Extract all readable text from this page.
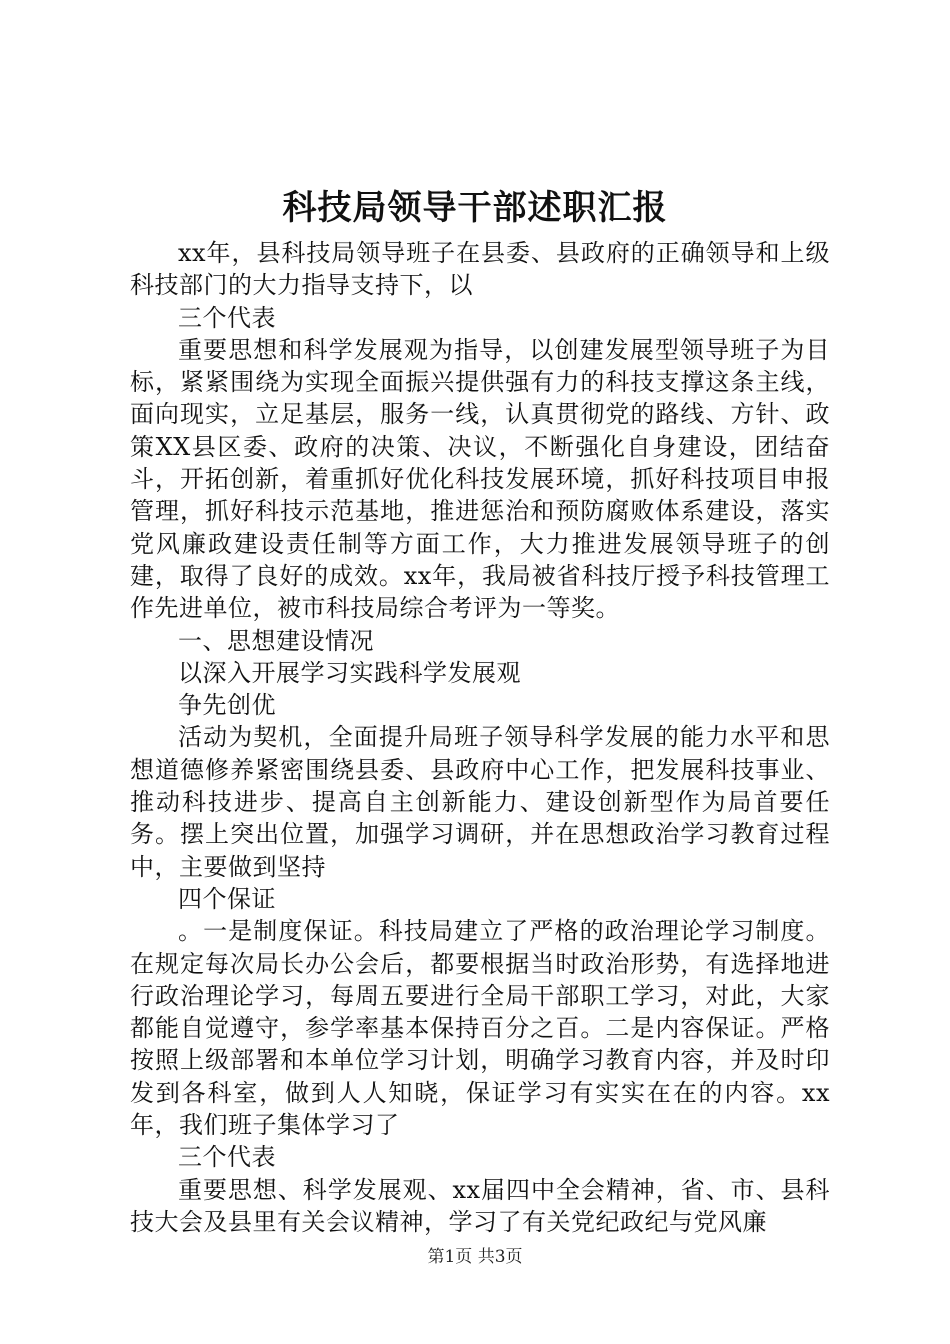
科技局领导干部述职汇报

xx年，县科技局领导班子在县委、县政府的正确领导和上级科技部门的大力指导支持下，以

三个代表

重要思想和科学发展观为指导，以创建发展型领导班子为目标，紧紧围绕为实现全面振兴提供强有力的科技支撑这条主线，面向现实，立足基层，服务一线，认真贯彻党的路线、方针、政策XX县区委、政府的决策、决议，不断强化自身建设，团结奋斗，开拓创新，着重抓好优化科技发展环境，抓好科技项目申报管理，抓好科技示范基地，推进惩治和预防腐败体系建设，落实党风廉政建设责任制等方面工作，大力推进发展领导班子的创建，取得了良好的成效。xx年，我局被省科技厅授予科技管理工作先进单位，被市科技局综合考评为一等奖。

一、思想建设情况

以深入开展学习实践科学发展观

争先创优

活动为契机，全面提升局班子领导科学发展的能力水平和思想道德修养紧密围绕县委、县政府中心工作，把发展科技事业、推动科技进步、提高自主创新能力、建设创新型作为局首要任务。摆上突出位置，加强学习调研，并在思想政治学习教育过程中，主要做到坚持

四个保证

。一是制度保证。科技局建立了严格的政治理论学习制度。在规定每次局长办公会后，都要根据当时政治形势，有选择地进行政治理论学习，每周五要进行全局干部职工学习，对此，大家都能自觉遵守，参学率基本保持百分之百。二是内容保证。严格按照上级部署和本单位学习计划，明确学习教育内容，并及时印发到各科室，做到人人知晓，保证学习有实实在在的内容。xx年，我们班子集体学习了

三个代表

重要思想、科学发展观、xx届四中全会精神，省、市、县科技大会及县里有关会议精神，学习了有关党纪政纪与党风廉

第1页 共3页
